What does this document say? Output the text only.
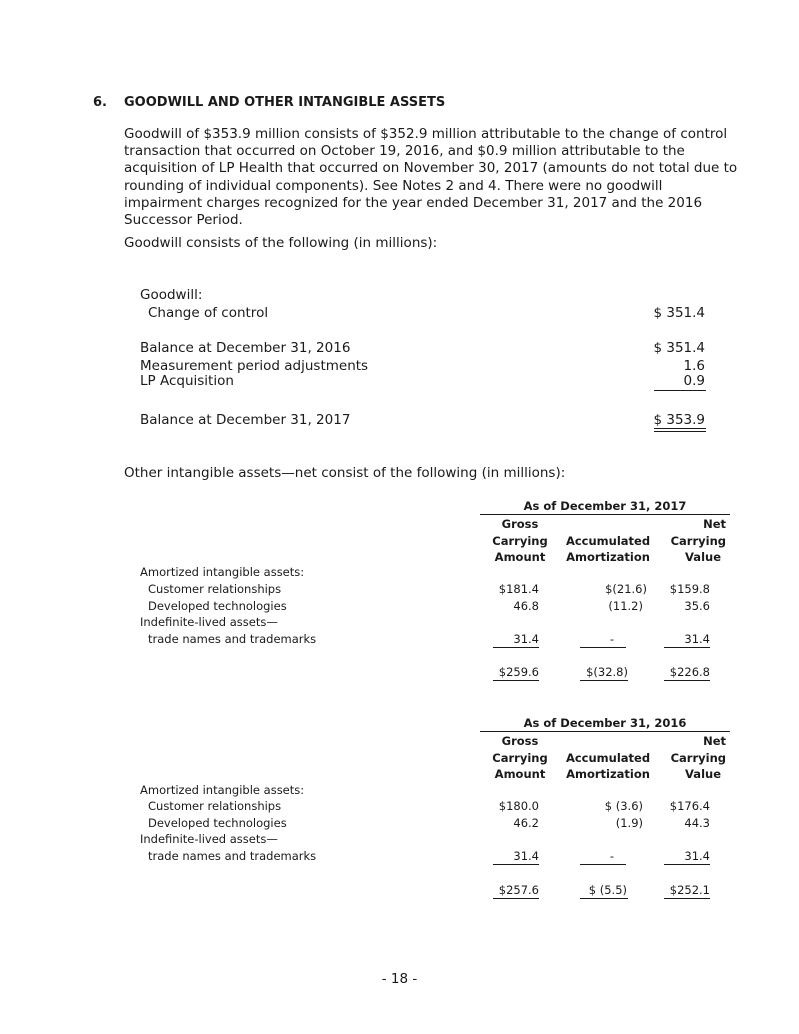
6. GOODWILL AND OTHER INTANGIBLE ASSETS
Goodwill of $353.9 million consists of $352.9 million attributable to the change of control
transaction that occurred on October 19, 2016, and $0.9 million attributable to the
acquisition of LP Health that occurred on November 30, 2017 (amounts do not total due to
rounding of individual components). See Notes 2 and 4. There were no goodwill
impairment charges recognized for the year ended December 31, 2017 and the 2016
Successor Period.
Goodwill consists of the following (in millions):
Goodwill:
Change of control	$ 351.4
Balance at December 31, 2016	$ 351.4
Measurement period adjustments	1.6
LP Acquisition	0.9
Balance at December 31, 2017	$ 353.9
Other intangible assets—net consist of the following (in millions):
As of December 31, 2017
Gross
Carrying
Amount
Accumulated
Amortization
Net
Carrying
Value
Amortized intangible assets:
Customer relationships	$181.4	$(21.6) $159.8
Developed technologies	46.8	(11.2)	35.6
Indefinite-lived assets—
trade names and trademarks	31.4	-	31.4
$259.6	$(32.8)	$226.8
As of December 31, 2016
Gross
Carrying
Amount
Accumulated
Amortization
Net
Carrying
Value
Amortized intangible assets:
Customer relationships	$180.0	$ (3.6) $176.4
Developed technologies	46.2	(1.9)	44.3
Indefinite-lived assets—
trade names and trademarks	31.4	-	31.4
$257.6	$ (5.5)	$252.1
- 18 -
